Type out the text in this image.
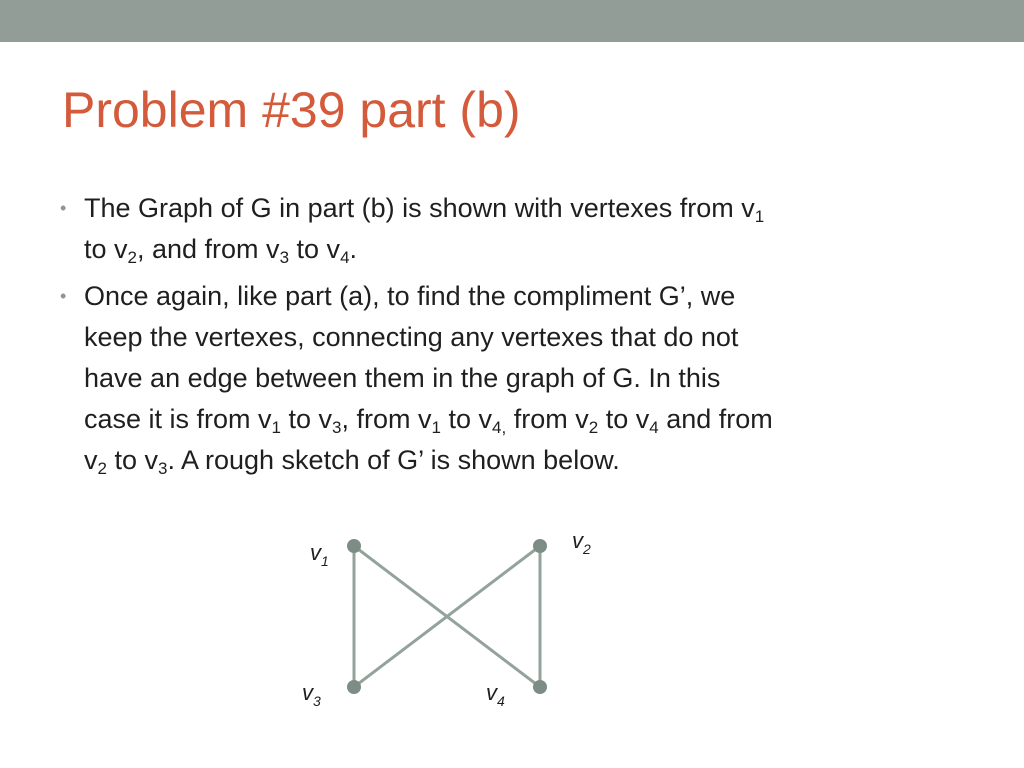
Problem #39 part (b)
• The Graph of G in part (b) is shown with vertexes from $v_1$
to $v_2$, and from $v_3$ to $v_4$.
• Once again, like part (a), to find the compliment G’, we
keep the vertexes, connecting any vertexes that do not
have an edge between them in the graph of G. In this
case it is from $v_1$ to $v_3$, from $v_1$ to $v_{4,}$ from $v_2$ to $v_4$ and from
$v_2$ to $v_3$. A rough sketch of G’ is shown below.
$v_1$
$v_2$
$v_3$	$v_4$
